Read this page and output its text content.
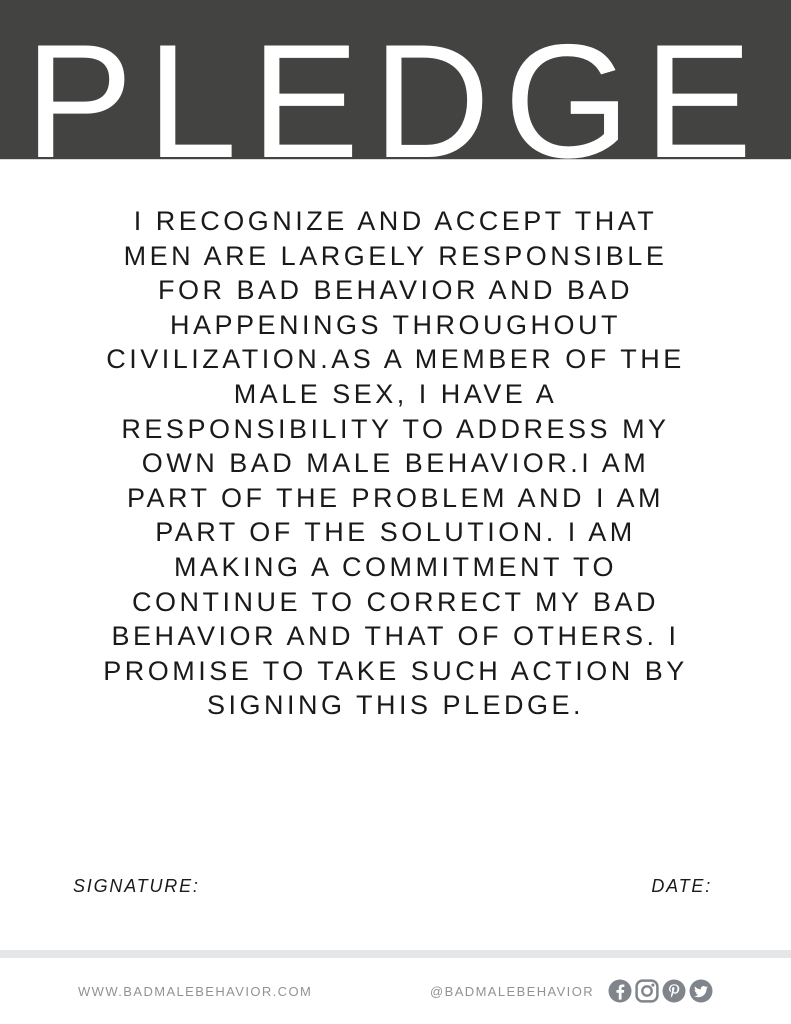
PLEDGE
I RECOGNIZE AND ACCEPT THAT
MEN ARE LARGELY RESPONSIBLE
FOR BAD BEHAVIOR AND BAD
HAPPENINGS THROUGHOUT
CIVILIZATION.AS A MEMBER OF THE
MALE SEX, I HAVE A
RESPONSIBILITY TO ADDRESS MY
OWN BAD MALE BEHAVIOR.I AM
PART OF THE PROBLEM AND I AM
PART OF THE SOLUTION. I AM
MAKING A COMMITMENT TO
CONTINUE TO CORRECT MY BAD
BEHAVIOR AND THAT OF OTHERS. I
PROMISE TO TAKE SUCH ACTION BY
SIGNING THIS PLEDGE.
SIGNATURE:	DATE:
WWW.BADMALEBEHAVIOR.COM	@BADMALEBEHAVIOR
